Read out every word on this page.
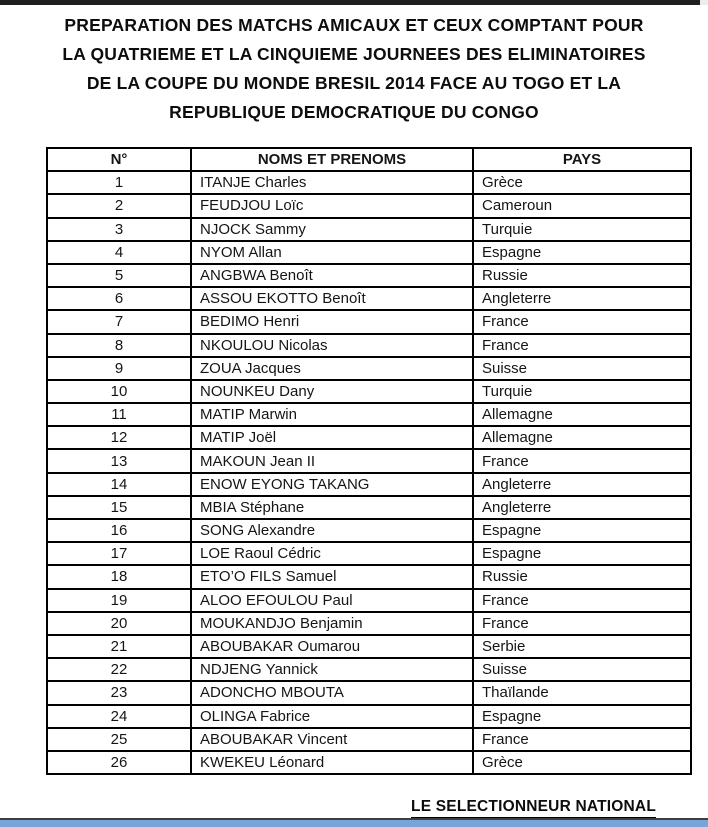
PREPARATION DES MATCHS AMICAUX ET CEUX COMPTANT POUR
LA QUATRIEME ET LA CINQUIEME JOURNEES DES ELIMINATOIRES
DE LA COUPE DU MONDE BRESIL 2014 FACE AU TOGO ET LA
REPUBLIQUE DEMOCRATIQUE DU CONGO
N°	NOMS ET PRENOMS	PAYS
1	ITANJE Charles	Grèce
2	FEUDJOU Loïc	Cameroun
3	NJOCK Sammy	Turquie
4	NYOM Allan	Espagne
5	ANGBWA Benoît	Russie
6	ASSOU EKOTTO Benoît	Angleterre
7	BEDIMO Henri	France
8	NKOULOU Nicolas	France
9	ZOUA Jacques	Suisse
10	NOUNKEU Dany	Turquie
11	MATIP Marwin	Allemagne
12	MATIP Joël	Allemagne
13	MAKOUN Jean II	France
14	ENOW EYONG TAKANG	Angleterre
15	MBIA Stéphane	Angleterre
16	SONG Alexandre	Espagne
17	LOE Raoul Cédric	Espagne
18	ETO’O FILS Samuel	Russie
19	ALOO EFOULOU Paul	France
20	MOUKANDJO Benjamin	France
21	ABOUBAKAR Oumarou	Serbie
22	NDJENG Yannick	Suisse
23	ADONCHO MBOUTA	Thaïlande
24	OLINGA Fabrice	Espagne
25	ABOUBAKAR Vincent	France
26	KWEKEU Léonard	Grèce
LE SELECTIONNEUR NATIONAL
